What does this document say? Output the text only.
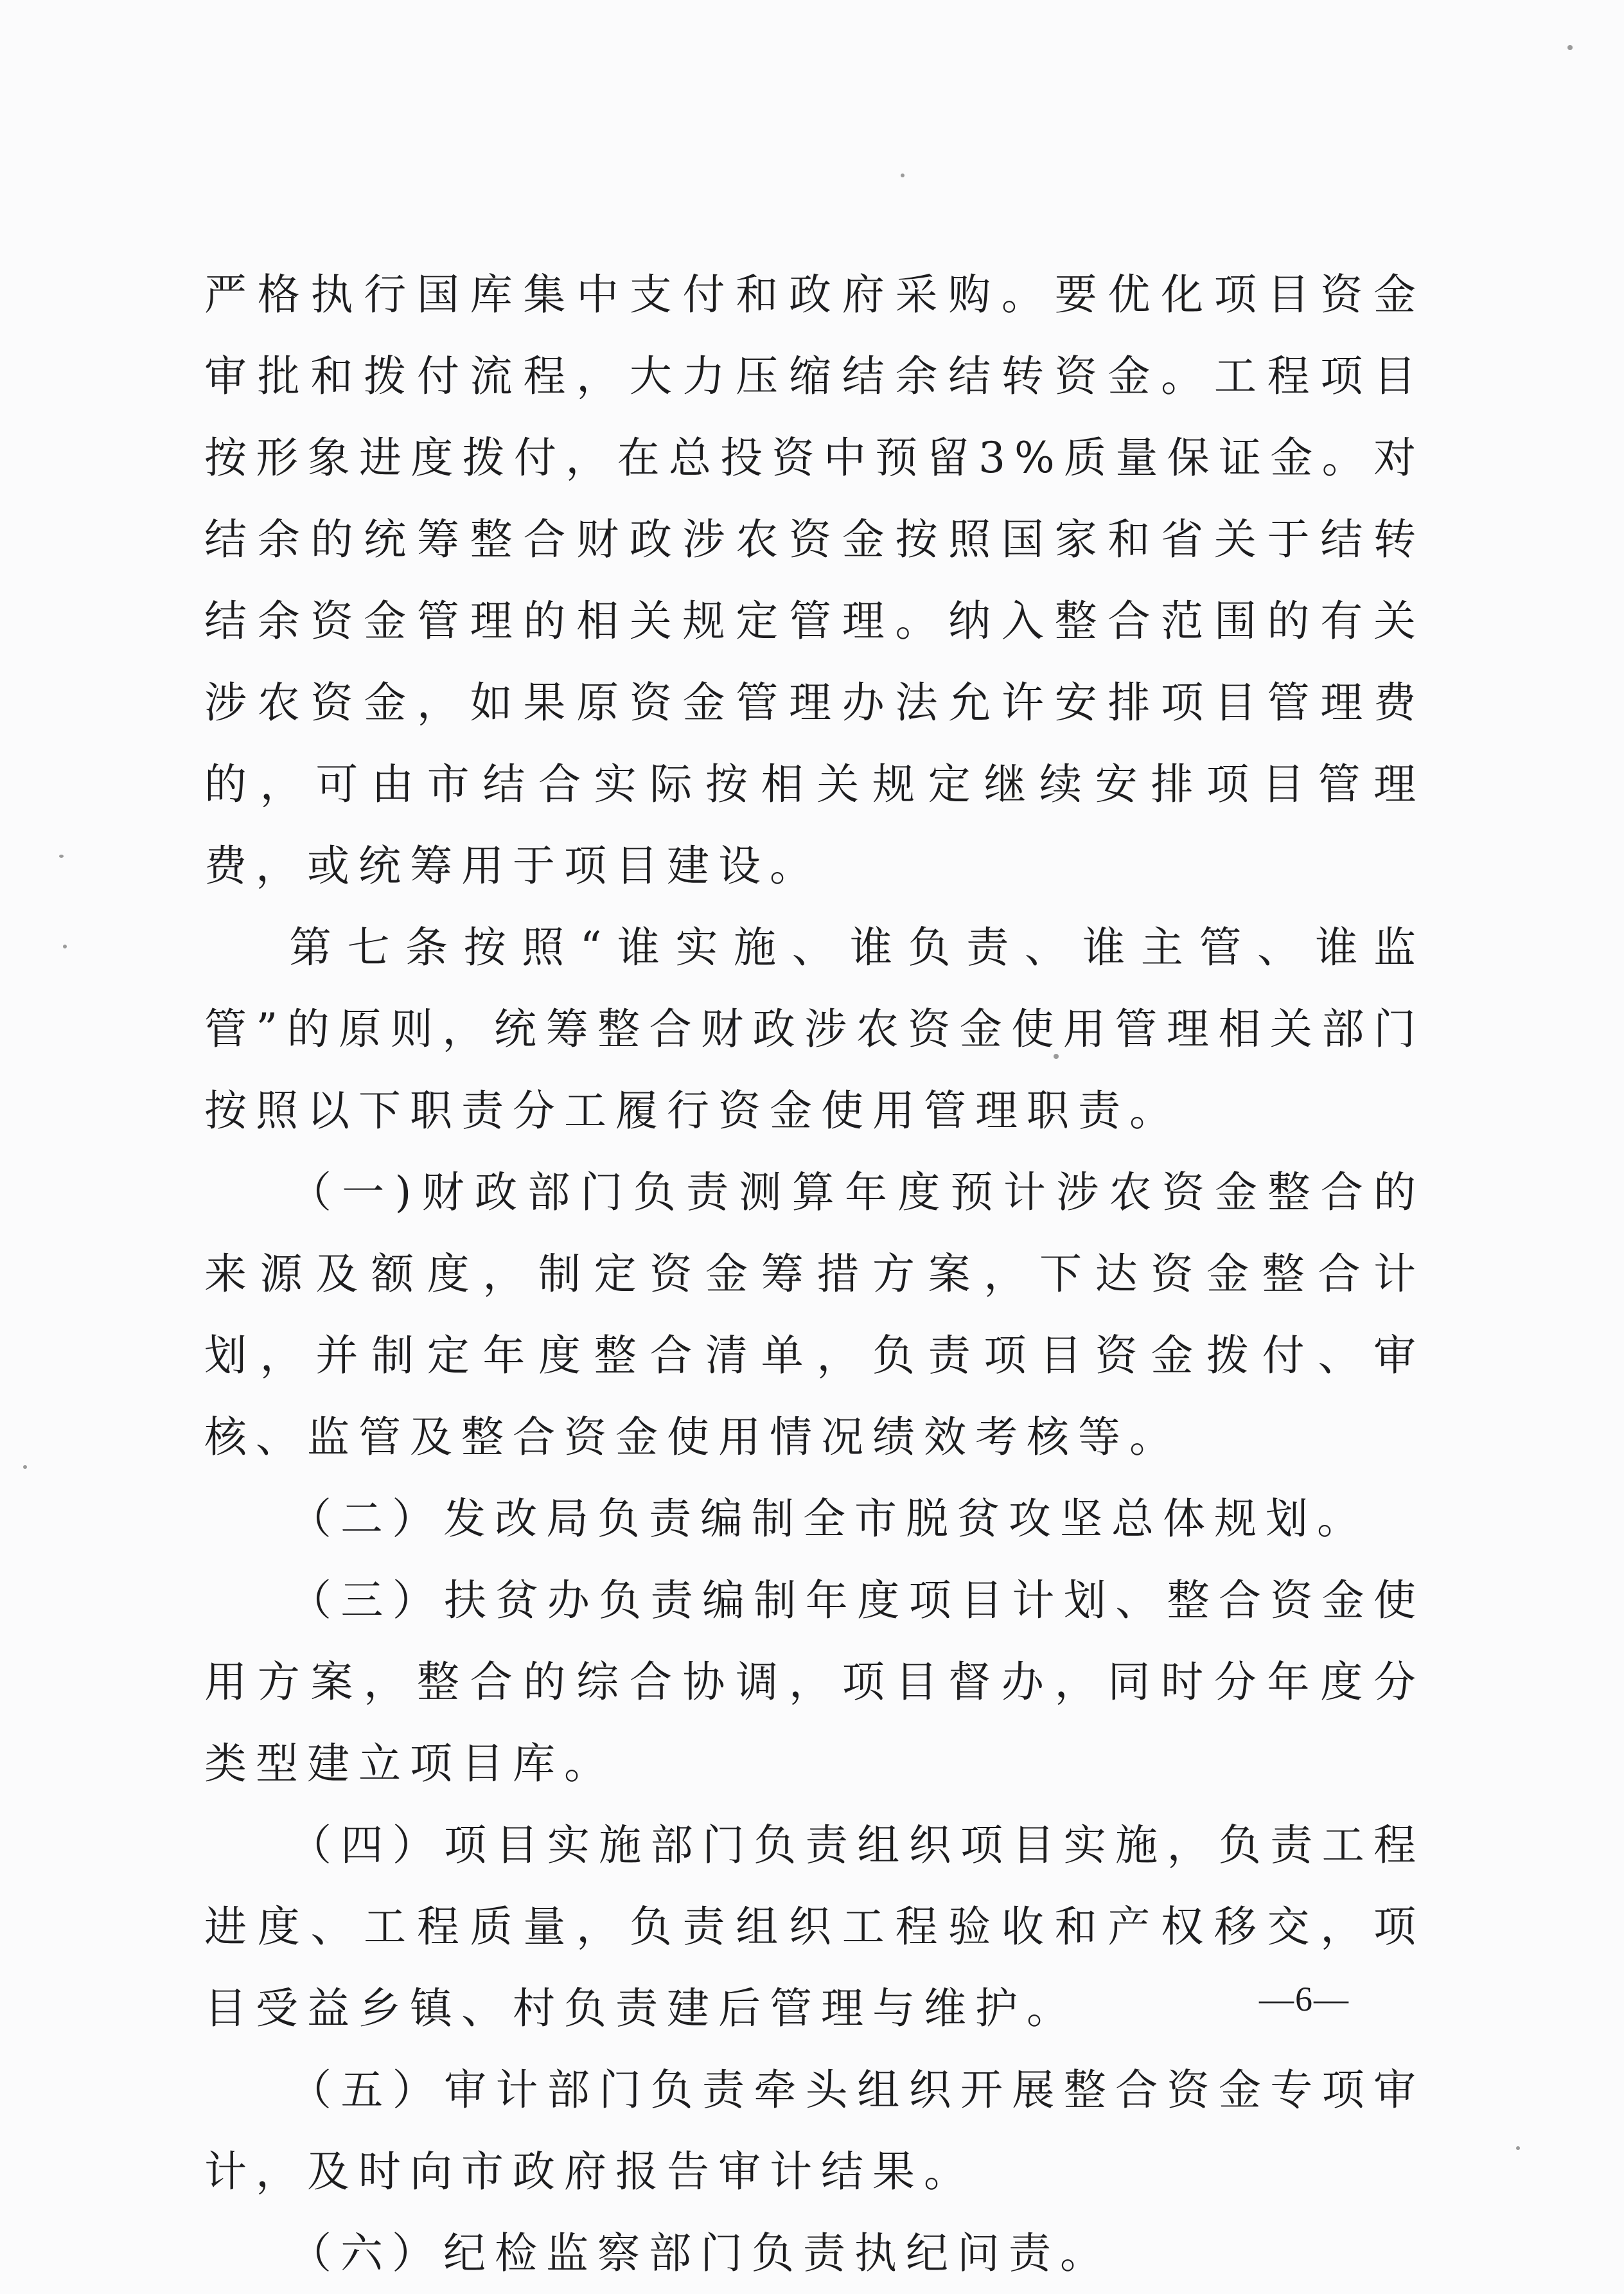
严格执行国库集中支付和政府采购。要优化项目资金审批和拨付流程，大力压缩结余结转资金。工程项目按形象进度拨付，在总投资中预留3%质量保证金。对结余的统筹整合财政涉农资金按照国家和省关于结转结余资金管理的相关规定管理。纳入整合范围的有关涉农资金，如果原资金管理办法允许安排项目管理费的，可由市结合实际按相关规定继续安排项目管理费，或统筹用于项目建设。

第七条按照“谁实施、谁负责、谁主管、谁监管”的原则，统筹整合财政涉农资金使用管理相关部门按照以下职责分工履行资金使用管理职责。

（一)财政部门负责测算年度预计涉农资金整合的来源及额度，制定资金筹措方案，下达资金整合计划，并制定年度整合清单，负责项目资金拨付、审核、监管及整合资金使用情况绩效考核等。

（二）发改局负责编制全市脱贫攻坚总体规划。

（三）扶贫办负责编制年度项目计划、整合资金使用方案，整合的综合协调，项目督办，同时分年度分类型建立项目库。

（四）项目实施部门负责组织项目实施，负责工程进度、工程质量，负责组织工程验收和产权移交，项目受益乡镇、村负责建后管理与维护。

（五）审计部门负责牵头组织开展整合资金专项审计，及时向市政府报告审计结果。

（六）纪检监察部门负责执纪问责。

—6—
